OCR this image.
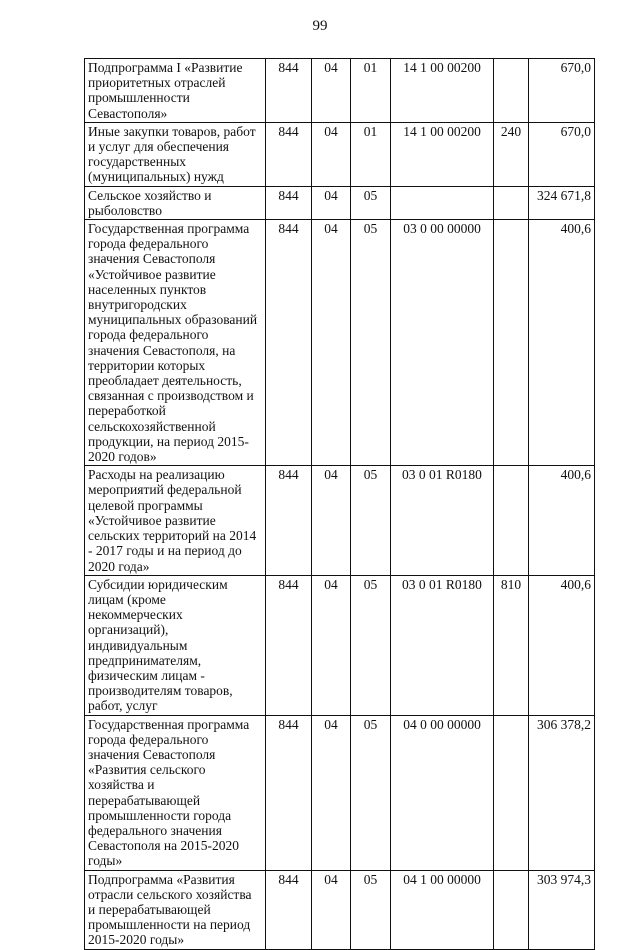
99
Подпрограмма I «Развитие приоритетных отраслей промышленности Севастополя»	844	04	01	14 1 00 00200		670,0
Иные закупки товаров, работ и услуг для обеспечения государственных (муниципальных) нужд	844	04	01	14 1 00 00200	240	670,0
Сельское хозяйство и рыболовство	844	04	05			324 671,8
Государственная программа города федерального значения Севастополя «Устойчивое развитие населенных пунктов внутригородских муниципальных образований города федерального значения Севастополя, на территории которых преобладает деятельность, связанная с производством и переработкой сельскохозяйственной продукции, на период 2015-2020 годов»	844	04	05	03 0 00 00000		400,6
Расходы на реализацию мероприятий федеральной целевой программы «Устойчивое развитие сельских территорий на 2014 - 2017 годы и на период до 2020 года»	844	04	05	03 0 01 R0180		400,6
Субсидии юридическим лицам (кроме некоммерческих организаций), индивидуальным предпринимателям, физическим лицам - производителям товаров, работ, услуг	844	04	05	03 0 01 R0180	810	400,6
Государственная программа города федерального значения Севастополя «Развития сельского хозяйства и перерабатывающей промышленности города федерального значения Севастополя на 2015-2020 годы»	844	04	05	04 0 00 00000		306 378,2
Подпрограмма «Развития отрасли сельского хозяйства и перерабатывающей промышленности на период 2015-2020 годы»	844	04	05	04 1 00 00000		303 974,3
